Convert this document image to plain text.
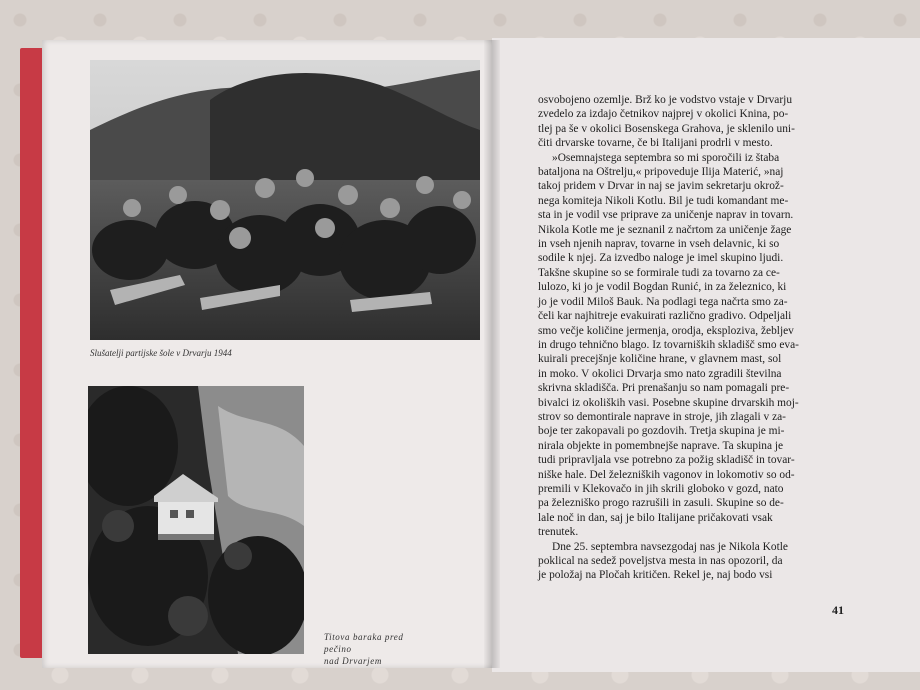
Slušatelji partijske šole v Drvarju 1944
Titova baraka pred pečino
nad Drvarjem

osvobojeno ozemlje. Brž ko je vodstvo vstaje v Drvarju
zvedelo za izdajo četnikov najprej v okolici Knina, po-
tlej pa še v okolici Bosenskega Grahova, je sklenilo uni-
čiti drvarske tovarne, če bi Italijani prodrli v mesto.

»Osemnajstega septembra so mi sporočili iz štaba
bataljona na Oštrelju,« pripoveduje Ilija Materić, »naj
takoj pridem v Drvar in naj se javim sekretarju okrož-
nega komiteja Nikoli Kotlu. Bil je tudi komandant me-
sta in je vodil vse priprave za uničenje naprav in tovarn.
Nikola Kotle me je seznanil z načrtom za uničenje žage
in vseh njenih naprav, tovarne in vseh delavnic, ki so
sodile k njej. Za izvedbo naloge je imel skupino ljudi.
Takšne skupine so se formirale tudi za tovarno za ce-
lulozo, ki jo je vodil Bogdan Runić, in za železnico, ki
jo je vodil Miloš Bauk. Na podlagi tega načrta smo za-
čeli kar najhitreje evakuirati različno gradivo. Odpeljali
smo večje količine jermenja, orodja, eksploziva, žebljev
in drugo tehnično blago. Iz tovarniških skladišč smo eva-
kuirali precejšnje količine hrane, v glavnem mast, sol
in moko. V okolici Drvarja smo nato zgradili številna
skrivna skladišča. Pri prenašanju so nam pomagali pre-
bivalci iz okoliških vasi. Posebne skupine drvarskih moj-
strov so demontirale naprave in stroje, jih zlagali v za-
boje ter zakopavali po gozdovih. Tretja skupina je mi-
nirala objekte in pomembnejše naprave. Ta skupina je
tudi pripravljala vse potrebno za požig skladišč in tovar-
niške hale. Del železniških vagonov in lokomotiv so od-
premili v Klekovačo in jih skrili globoko v gozd, nato
pa železniško progo razrušili in zasuli. Skupine so de-
lale noč in dan, saj je bilo Italijane pričakovati vsak
trenutek.

Dne 25. septembra navsezgodaj nas je Nikola Kotle
poklical na sedež poveljstva mesta in nas opozoril, da
je položaj na Pločah kritičen. Rekel je, naj bodo vsi

41
